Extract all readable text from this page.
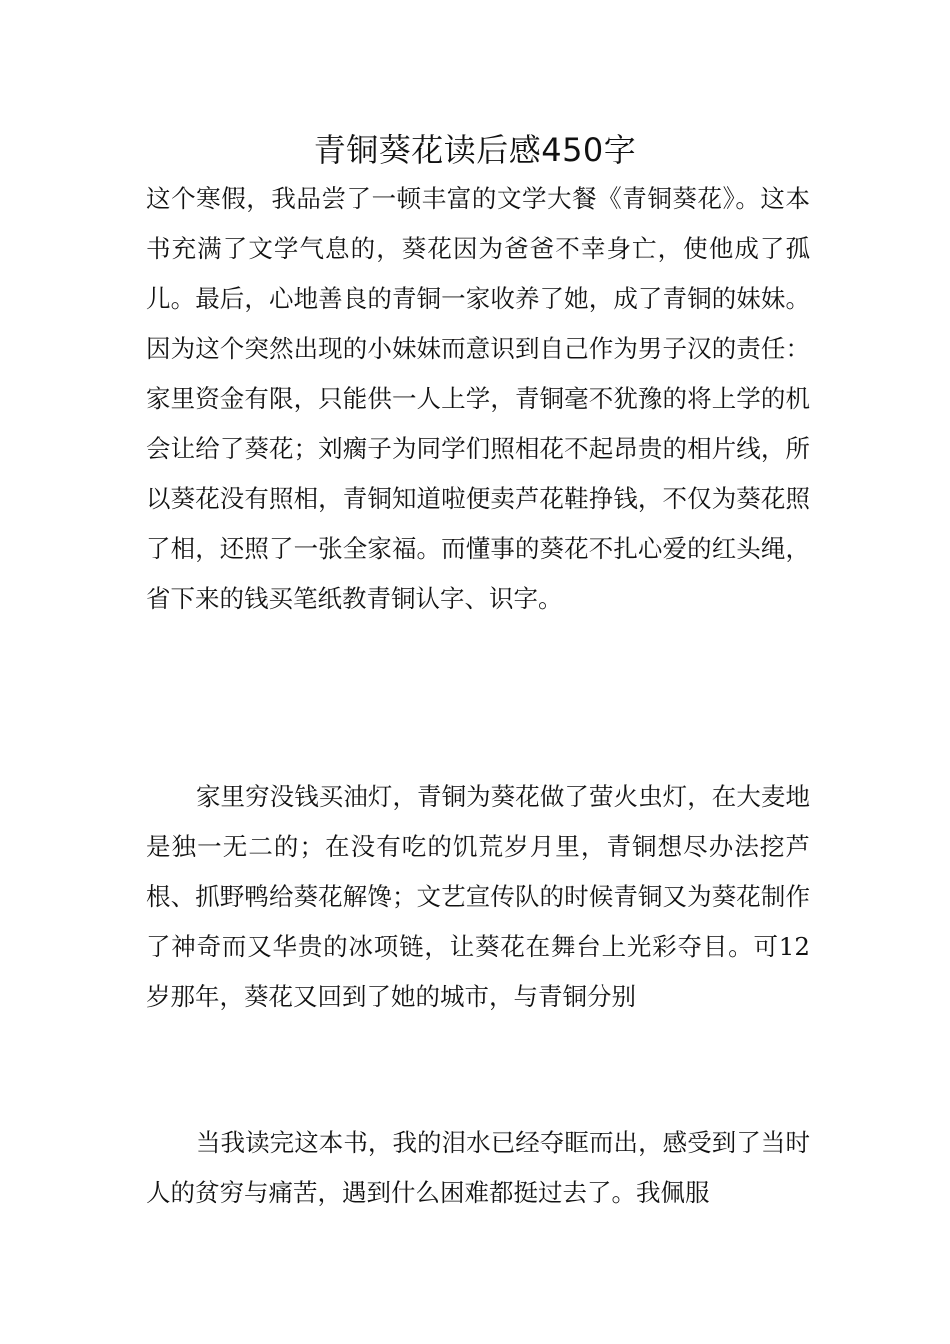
青铜葵花读后感450字

这个寒假，我品尝了一顿丰富的文学大餐《青铜葵花》。这本书充满了文学气息的，葵花因为爸爸不幸身亡，使他成了孤儿。最后，心地善良的青铜一家收养了她，成了青铜的妹妹。因为这个突然出现的小妹妹而意识到自己作为男子汉的责任：家里资金有限，只能供一人上学，青铜毫不犹豫的将上学的机会让给了葵花；刘瘸子为同学们照相花不起昂贵的相片线，所以葵花没有照相，青铜知道啦便卖芦花鞋挣钱，不仅为葵花照了相，还照了一张全家福。而懂事的葵花不扎心爱的红头绳，省下来的钱买笔纸教青铜认字、识字。

家里穷没钱买油灯，青铜为葵花做了萤火虫灯，在大麦地是独一无二的；在没有吃的饥荒岁月里，青铜想尽办法挖芦根、抓野鸭给葵花解馋；文艺宣传队的时候青铜又为葵花制作了神奇而又华贵的冰项链，让葵花在舞台上光彩夺目。可12岁那年，葵花又回到了她的城市，与青铜分别

当我读完这本书，我的泪水已经夺眶而出，感受到了当时人的贫穷与痛苦，遇到什么困难都挺过去了。我佩服
